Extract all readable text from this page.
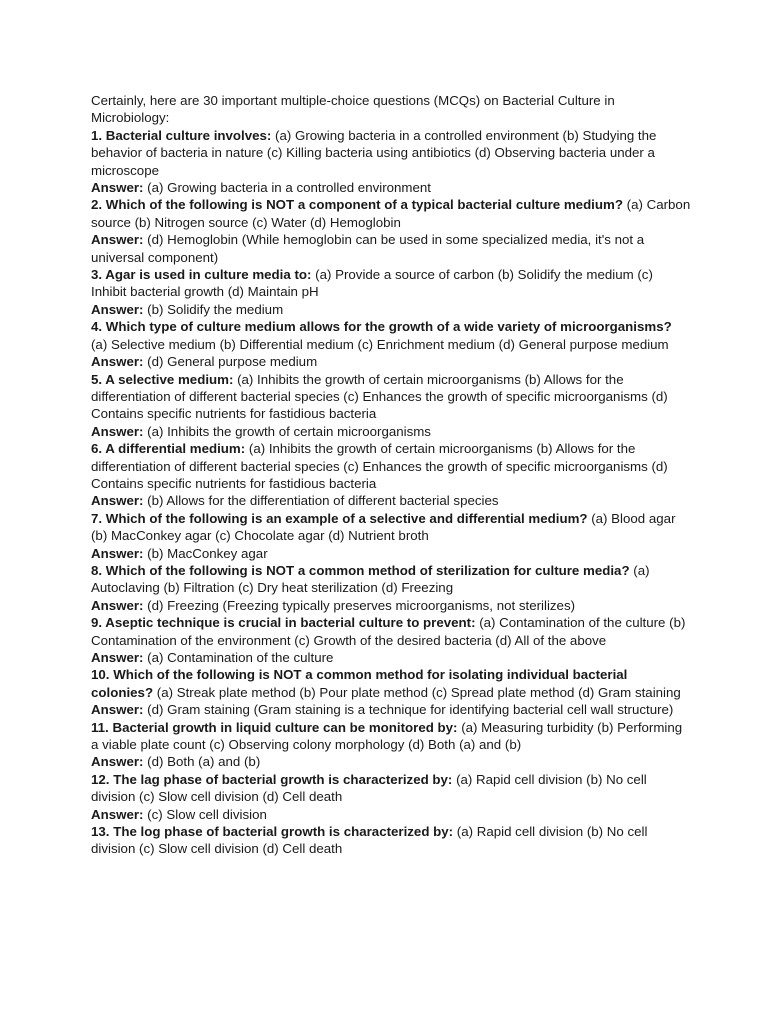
Certainly, here are 30 important multiple-choice questions (MCQs) on Bacterial Culture in Microbiology:

1. Bacterial culture involves: (a) Growing bacteria in a controlled environment (b) Studying the behavior of bacteria in nature (c) Killing bacteria using antibiotics (d) Observing bacteria under a microscope

Answer: (a) Growing bacteria in a controlled environment

2. Which of the following is NOT a component of a typical bacterial culture medium? (a) Carbon source (b) Nitrogen source (c) Water (d) Hemoglobin

Answer: (d) Hemoglobin (While hemoglobin can be used in some specialized media, it's not a universal component)

3. Agar is used in culture media to: (a) Provide a source of carbon (b) Solidify the medium (c) Inhibit bacterial growth (d) Maintain pH

Answer: (b) Solidify the medium

4. Which type of culture medium allows for the growth of a wide variety of microorganisms? (a) Selective medium (b) Differential medium (c) Enrichment medium (d) General purpose medium

Answer: (d) General purpose medium

5. A selective medium: (a) Inhibits the growth of certain microorganisms (b) Allows for the differentiation of different bacterial species (c) Enhances the growth of specific microorganisms (d) Contains specific nutrients for fastidious bacteria

Answer: (a) Inhibits the growth of certain microorganisms

6. A differential medium: (a) Inhibits the growth of certain microorganisms (b) Allows for the differentiation of different bacterial species (c) Enhances the growth of specific microorganisms (d) Contains specific nutrients for fastidious bacteria

Answer: (b) Allows for the differentiation of different bacterial species

7. Which of the following is an example of a selective and differential medium? (a) Blood agar (b) MacConkey agar (c) Chocolate agar (d) Nutrient broth

Answer: (b) MacConkey agar

8. Which of the following is NOT a common method of sterilization for culture media? (a) Autoclaving (b) Filtration (c) Dry heat sterilization (d) Freezing

Answer: (d) Freezing (Freezing typically preserves microorganisms, not sterilizes)

9. Aseptic technique is crucial in bacterial culture to prevent: (a) Contamination of the culture (b) Contamination of the environment (c) Growth of the desired bacteria (d) All of the above

Answer: (a) Contamination of the culture

10. Which of the following is NOT a common method for isolating individual bacterial colonies? (a) Streak plate method (b) Pour plate method (c) Spread plate method (d) Gram staining

Answer: (d) Gram staining (Gram staining is a technique for identifying bacterial cell wall structure)

11. Bacterial growth in liquid culture can be monitored by: (a) Measuring turbidity (b) Performing a viable plate count (c) Observing colony morphology (d) Both (a) and (b)

Answer: (d) Both (a) and (b)

12. The lag phase of bacterial growth is characterized by: (a) Rapid cell division (b) No cell division (c) Slow cell division (d) Cell death

Answer: (c) Slow cell division

13. The log phase of bacterial growth is characterized by: (a) Rapid cell division (b) No cell division (c) Slow cell division (d) Cell death
